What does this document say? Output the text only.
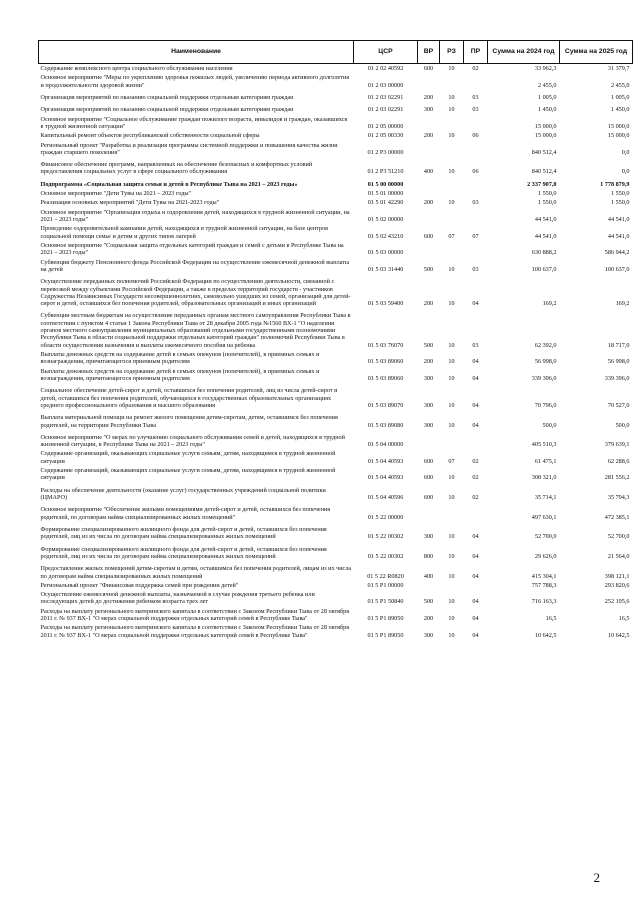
Наименование	ЦСР	ВР	РЗ	ПР	Сумма на 2024 год	Сумма на 2025 год
Содержание комплексного центра социального обслуживания населения	01 2 02 40592	600	10	02	33 962,3	31 379,7
Основное мероприятие "Меры по укреплению здоровья пожилых людей, увеличению периода активного долголетия и продолжительности здоровой жизни"	01 2 03 00000				2 455,0	2 455,0
Организация мероприятий по оказанию социальной поддержки отдельным категориям граждан	01 2 03 02291	200	10	03	1 005,0	1 005,0
Организация мероприятий по оказанию социальной поддержки отдельным категориям граждан	01 2 03 02291	300	10	03	1 450,0	1 450,0
Основное мероприятие "Социальное обслуживание граждан пожилого возраста, инвалидов и граждан, оказавшихся в трудной жизненной ситуации"	01 2 05 00000				15 000,0	15 000,0
Капитальный ремонт объектов республиканской собственности социальной сферы	01 2 05 00330	200	10	06	15 000,0	15 000,0
Региональный проект "Разработка и реализация программы системной поддержки и повышения качества жизни граждан старшего поколения"	01 2 P3 00000				840 512,4	0,0
Финансовое обеспечение программ, направленных на обеспечение безопасных и комфортных условий предоставления социальных услуг в сфере социального обслуживания	01 2 P3 51210	400	10	06	840 512,4	0,0
Подпрограмма «Социальная защита семьи и детей в Республике Тыва на 2021 – 2023 годы»	01 5 00 00000				2 337 907,8	1 778 879,9
Основное мероприятие "Дети Тувы на 2021 – 2023 годы"	01 5 01 00000				1 550,0	1 550,0
Реализация основных мероприятий "Дети Тувы на 2021-2023 годы"	01 5 01 42290	200	10	03	1 550,0	1 550,0
Основное мероприятие "Организация отдыха и оздоровления детей, находящихся в трудной жизненной ситуации, на 2021 – 2023 годы"	01 5 02 00000				44 541,0	44 541,0
Проведение оздоровительной кампании детей, находящихся в трудной жизненной ситуации, на базе центров социальной помощи семье и детям и других типов лагерей	01 5 02 43210	600	07	07	44 541,0	44 541,0
Основное мероприятие "Социальная защита отдельных категорий граждан и семей с детьми в Республике Тыва на 2021 – 2023 годы"	01 5 03 00000				630 888,2	586 944,2
Субвенции бюджету Пенсионного фонда Российской Федерации на осуществление ежемесячной денежной выплаты на детей	01 5 03 31440	500	10	03	100 637,0	100 637,0
Осуществление переданных полномочий Российской Федерации по осуществлению деятельности, связанной с перевозкой между субъектами Российской Федерации, а также в пределах территорий государств - участников Содружества Независимых Государств несовершеннолетних, самовольно ушедших из семей, организаций для детей-сирот и детей, оставшихся без попечения родителей, образовательных организаций и иных организаций	01 5 03 59400	200	10	04	169,2	169,2
Субвенции местным бюджетам на осуществление переданных органам местного самоуправления Республики Тыва в соответствии с пунктом 4 статьи 1 Закона Республики Тыва от 28 декабря 2005 года №1560 ВХ-1 "О наделении органов местного самоуправления муниципальных образований отдельными государственными полномочиями Республики Тыва в области социальной поддержки отдельных категорий граждан" полномочий Республики Тыва в области осуществления назначения и выплаты ежемесячного пособия на ребенка	01 5 03 76070	500	10	03	62 392,0	18 717,0
Выплаты денежных средств на содержание детей в семьях опекунов (попечителей), в приемных семьях и вознаграждения, причитающегося приемным родителям	01 5 03 89060	200	10	04	56 998,0	56 998,0
Выплаты денежных средств на содержание детей в семьях опекунов (попечителей), в приемных семьях и вознаграждения, причитающегося приемным родителям	01 5 03 89060	300	10	04	339 396,0	339 396,0
Социальное обеспечение детей-сирот и детей, оставшихся без попечения родителей, лиц из числа детей-сирот и детей, оставшихся без попечения родителей, обучающихся в государственных образовательных организациях среднего профессионального образования и высшего образования	01 5 03 89070	300	10	04	70 796,0	70 527,0
Выплата материальной помощи на ремонт жилого помещения детям-сиротам, детям, оставшимся без попечения родителей, на территории Республики Тыва	01 5 03 89080	300	10	04	500,0	500,0
Основное мероприятие "О мерах по улучшению социального обслуживания семей и детей, находящихся в трудной жизненной ситуации, в Республике Тыва на 2021 – 2023 годы"	01 5 04 00000				405 510,3	379 639,1
Содержание организаций, оказывающих социальные услуги семьям, детям, находящимся в трудной жизненной ситуации	01 5 04 40593	600	07	02	61 475,1	62 288,6
Содержание организаций, оказывающих социальные услуги семьям, детям, находящимся в трудной жизненной ситуации	01 5 04 40593	600	10	02	308 321,0	281 556,2
Расходы на обеспечение деятельности (оказание услуг) государственных учреждений социальной политики (ЦМАРО)	01 5 04 40596	600	10	02	35 714,1	35 794,3
Основное мероприятие "Обеспечение жилыми помещениями детей-сирот и детей, оставшихся без попечения родителей, по договорам найма специализированных жилых помещений"	01 5 22 00000				497 630,1	472 385,1
Формирование специализированного жилищного фонда для детей-сирот и детей, оставшихся без попечения родителей, лиц из их числа по договорам найма специализированных жилых помещений	01 5 22 00302	300	10	04	52 700,0	52 700,0
Формирование специализированного жилищного фонда для детей-сирот и детей, оставшихся без попечения родителей, лиц из их числа по договорам найма специализированных жилых помещений	01 5 22 00302	800	10	04	29 626,0	21 564,0
Предоставление жилых помещений детям-сиротам и детям, оставшимся без попечения родителей, лицам из их числа по договорам найма специализированных жилых помещений	01 5 22 R0820	400	10	04	415 304,1	398 121,1
Региональный проект "Финансовая поддержка семей при рождении детей"	01 5 P1 00000				757 788,3	293 820,6
Осуществление ежемесячной денежной выплаты, назначаемой в случае рождения третьего ребенка или последующих детей до достижения ребенком возраста трех лет	01 5 P1 50840	500	10	04	716 163,3	252 195,6
Расходы на выплату регионального материнского капитала в соответствии с Законом Республики Тыва от 28 октября 2011 г. № 937 ВХ-1 "О мерах социальной поддержки отдельных категорий семей в Республике Тыва"	01 5 P1 89050	200	10	04	16,5	16,5
Расходы на выплату регионального материнского капитала в соответствии с Законом Республики Тыва от 28 октября 2011 г. № 937 ВХ-1 "О мерах социальной поддержки отдельных категорий семей в Республике Тыва"	01 5 P1 89050	300	10	04	10 642,5	10 642,5
2
